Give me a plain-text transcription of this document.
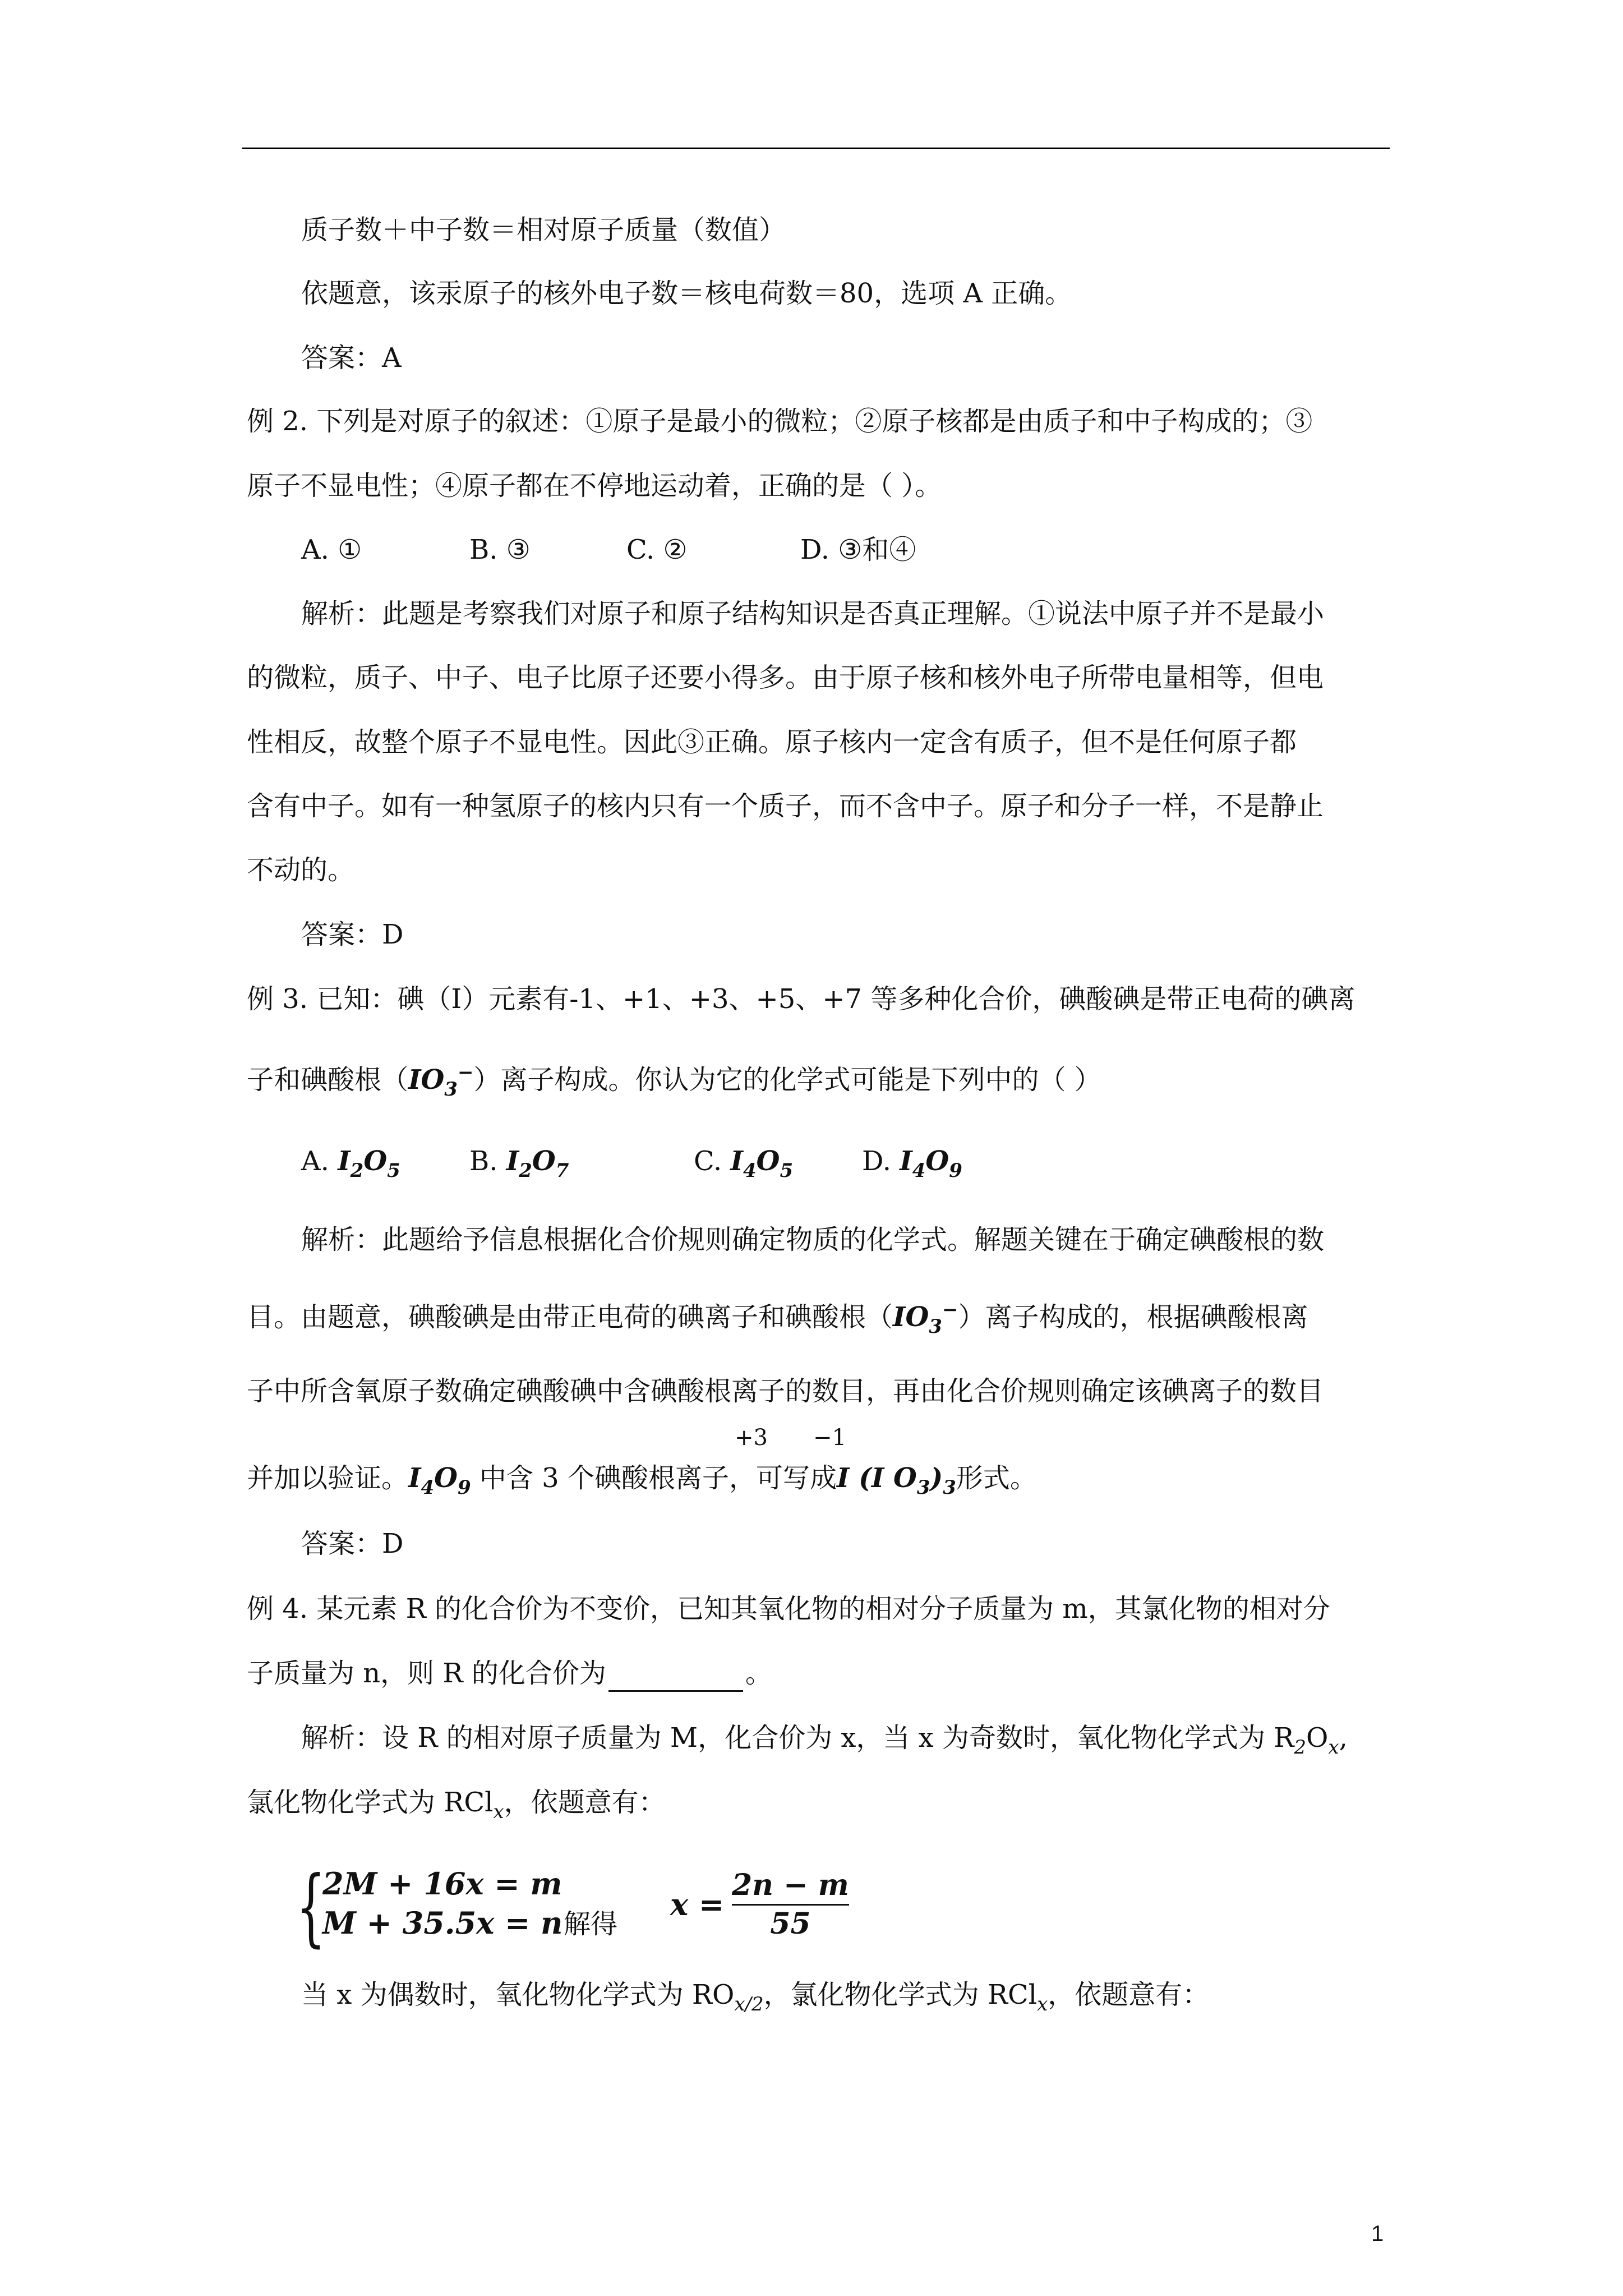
质子数＋中子数＝相对原子质量（数值）
依题意，该汞原子的核外电子数＝核电荷数＝80，选项 A 正确。
答案：A
例 2. 下列是对原子的叙述：①原子是最小的微粒；②原子核都是由质子和中子构成的；③
原子不显电性；④原子都在不停地运动着，正确的是（ ）。
A. ①	B. ③	C. ②	D. ③和④
解析：此题是考察我们对原子和原子结构知识是否真正理解。①说法中原子并不是最小
的微粒，质子、中子、电子比原子还要小得多。由于原子核和核外电子所带电量相等，但电
性相反，故整个原子不显电性。因此③正确。原子核内一定含有质子，但不是任何原子都
含有中子。如有一种氢原子的核内只有一个质子，而不含中子。原子和分子一样，不是静止
不动的。
答案：D
例 3. 已知：碘（I）元素有-1、+1、+3、+5、+7 等多种化合价，碘酸碘是带正电荷的碘离
子和碘酸根$(IO_3^-)$离子构成。你认为它的化学式可能是下列中的（ ）
A. $I_2O_5$	B. $I_2O_7$	C. $I_4O_5$	D. $I_4O_9$
解析：此题给予信息根据化合价规则确定物质的化学式。解题关键在于确定碘酸根的数
目。由题意，碘酸碘是由带正电荷的碘离子和碘酸根$(IO_3^-)$离子构成的，根据碘酸根离
子中所含氧原子数确定碘酸碘中含碘酸根离子的数目，再由化合价规则确定该碘离子的数目
+3 −1
并加以验证。$I_4O_9$ 中含 3 个碘酸根离子，可写成I (I $O_3)_3$形式。
答案：D
例 4. 某元素 R 的化合价为不变价，已知其氧化物的相对分子质量为 m，其氯化物的相对分
子质量为 n，则 R 的化合价为	。
解析：设 R 的相对原子质量为 M，化合价为 x，当 x 为奇数时，氧化物化学式为 $R_2O_x$,
氯化物化学式为 RCl$_x$，依题意有：
{
2M + 16x = m
M + 35.5x = n 解得
x =
2n − m
55
当 x 为偶数时，氧化物化学式为 $RO_{x/2}$，氯化物化学式为 RCl$_x$，依题意有：
1
